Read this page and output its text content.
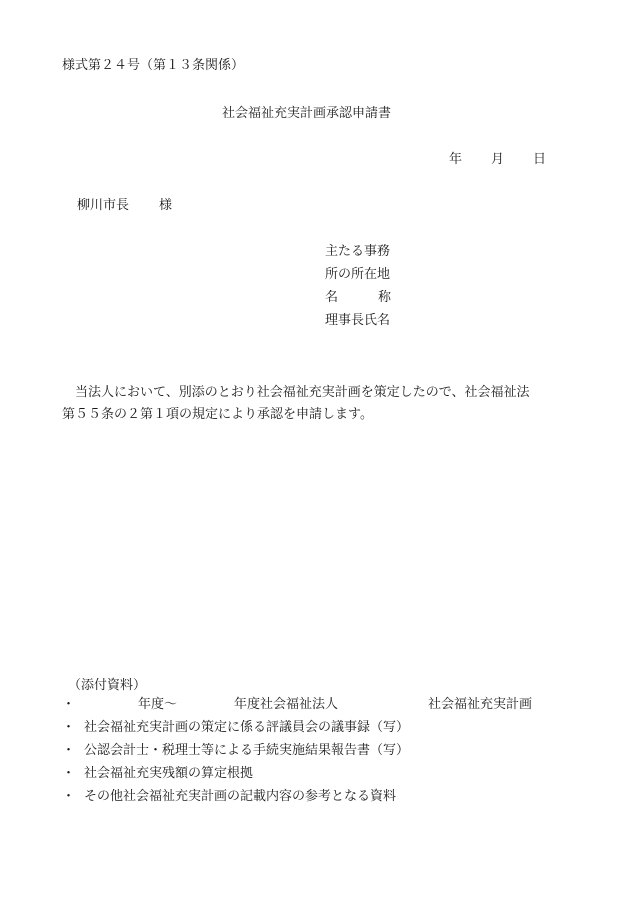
様式第２４号（第１３条関係）
社会福祉充実計画承認申請書
年 月 日
柳川市長 様
主たる事務
所の所在地
名	称
理事長氏名
当法人において、別添のとおり社会福祉充実計画を策定したので、社会福祉法
第５５条の２第１項の規定により承認を申請します。
（添付資料）
・	年度～	年度社会福祉法人	社会福祉充実計画
・ 社会福祉充実計画の策定に係る評議員会の議事録（写）
・ 公認会計士・税理士等による手続実施結果報告書（写）
・ 社会福祉充実残額の算定根拠
・ その他社会福祉充実計画の記載内容の参考となる資料
